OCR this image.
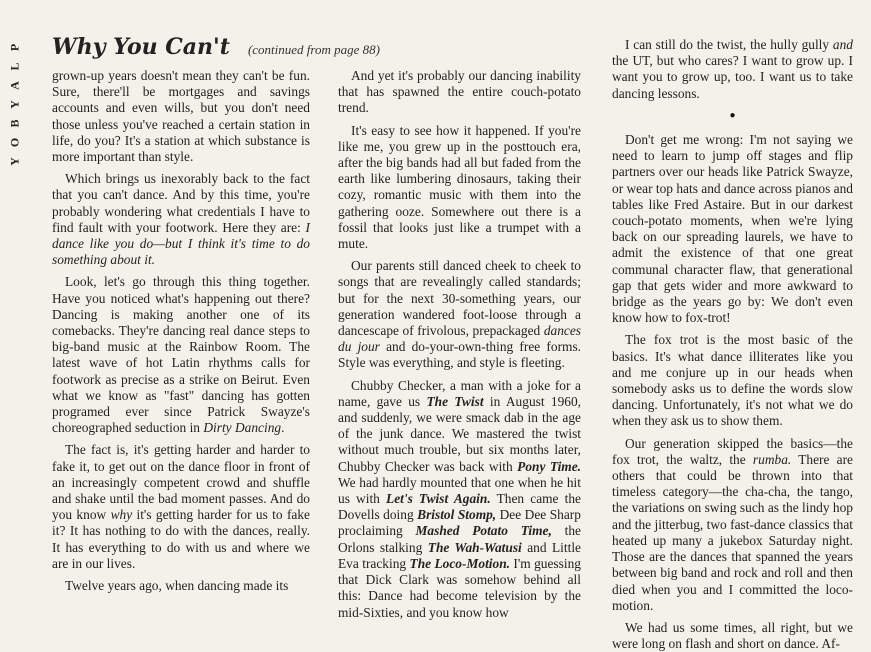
P
L
A
Y
B
O
Y
Why You Can't (continued from page 88)

grown-up years doesn't mean they can't be fun. Sure, there'll be mortgages and savings accounts and even wills, but you don't need those unless you've reached a certain station in life, do you? It's a station at which substance is more important than style.

Which brings us inexorably back to the fact that you can't dance. And by this time, you're probably wondering what credentials I have to find fault with your footwork. Here they are: I dance like you do—but I think it's time to do something about it.

Look, let's go through this thing together. Have you noticed what's happening out there? Dancing is making another one of its comebacks. They're dancing real dance steps to big-band music at the Rainbow Room. The latest wave of hot Latin rhythms calls for footwork as precise as a strike on Beirut. Even what we know as "fast" dancing has gotten programed ever since Patrick Swayze's choreographed seduction in Dirty Dancing.

The fact is, it's getting harder and harder to fake it, to get out on the dance floor in front of an increasingly competent crowd and shuffle and shake until the bad moment passes. And do you know why it's getting harder for us to fake it? It has nothing to do with the dances, really. It has everything to do with us and where we are in our lives.

Twelve years ago, when dancing made its

And yet it's probably our dancing inability that has spawned the entire couch-potato trend.

It's easy to see how it happened. If you're like me, you grew up in the posttouch era, after the big bands had all but faded from the earth like lumbering dinosaurs, taking their cozy, romantic music with them into the gathering ooze. Somewhere out there is a fossil that looks just like a trumpet with a mute.

Our parents still danced cheek to cheek to songs that are revealingly called standards; but for the next 30-something years, our generation wandered foot-loose through a dancescape of frivolous, prepackaged dances du jour and do-your-own-thing free forms. Style was everything, and style is fleeting.

Chubby Checker, a man with a joke for a name, gave us The Twist in August 1960, and suddenly, we were smack dab in the age of the junk dance. We mastered the twist without much trouble, but six months later, Chubby Checker was back with Pony Time. We had hardly mounted that one when he hit us with Let's Twist Again. Then came the Dovells doing Bristol Stomp, Dee Dee Sharp proclaiming Mashed Potato Time, the Orlons stalking The Wah-Watusi and Little Eva tracking The Loco-Motion. I'm guessing that Dick Clark was somehow behind all this: Dance had become television by the mid-Sixties, and you know how

I can still do the twist, the hully gully and the UT, but who cares? I want to grow up. I want you to grow up, too. I want us to take dancing lessons.

●

Don't get me wrong: I'm not saying we need to learn to jump off stages and flip partners over our heads like Patrick Swayze, or wear top hats and dance across pianos and tables like Fred Astaire. But in our darkest couch-potato moments, when we're lying back on our spreading laurels, we have to admit the existence of that one great communal character flaw, that generational gap that gets wider and more awkward to bridge as the years go by: We don't even know how to fox-trot!

The fox trot is the most basic of the basics. It's what dance illiterates like you and me conjure up in our heads when somebody asks us to define the words slow dancing. Unfortunately, it's not what we do when they ask us to show them.

Our generation skipped the basics—the fox trot, the waltz, the rumba. There are others that could be thrown into that timeless category—the cha-cha, the tango, the variations on swing such as the lindy hop and the jitterbug, two fast-dance classics that heated up many a jukebox Saturday night. Those are the dances that spanned the years between big band and rock and roll and then died when you and I committed the loco-motion.

We had us some times, all right, but we were long on flash and short on dance. Af-
